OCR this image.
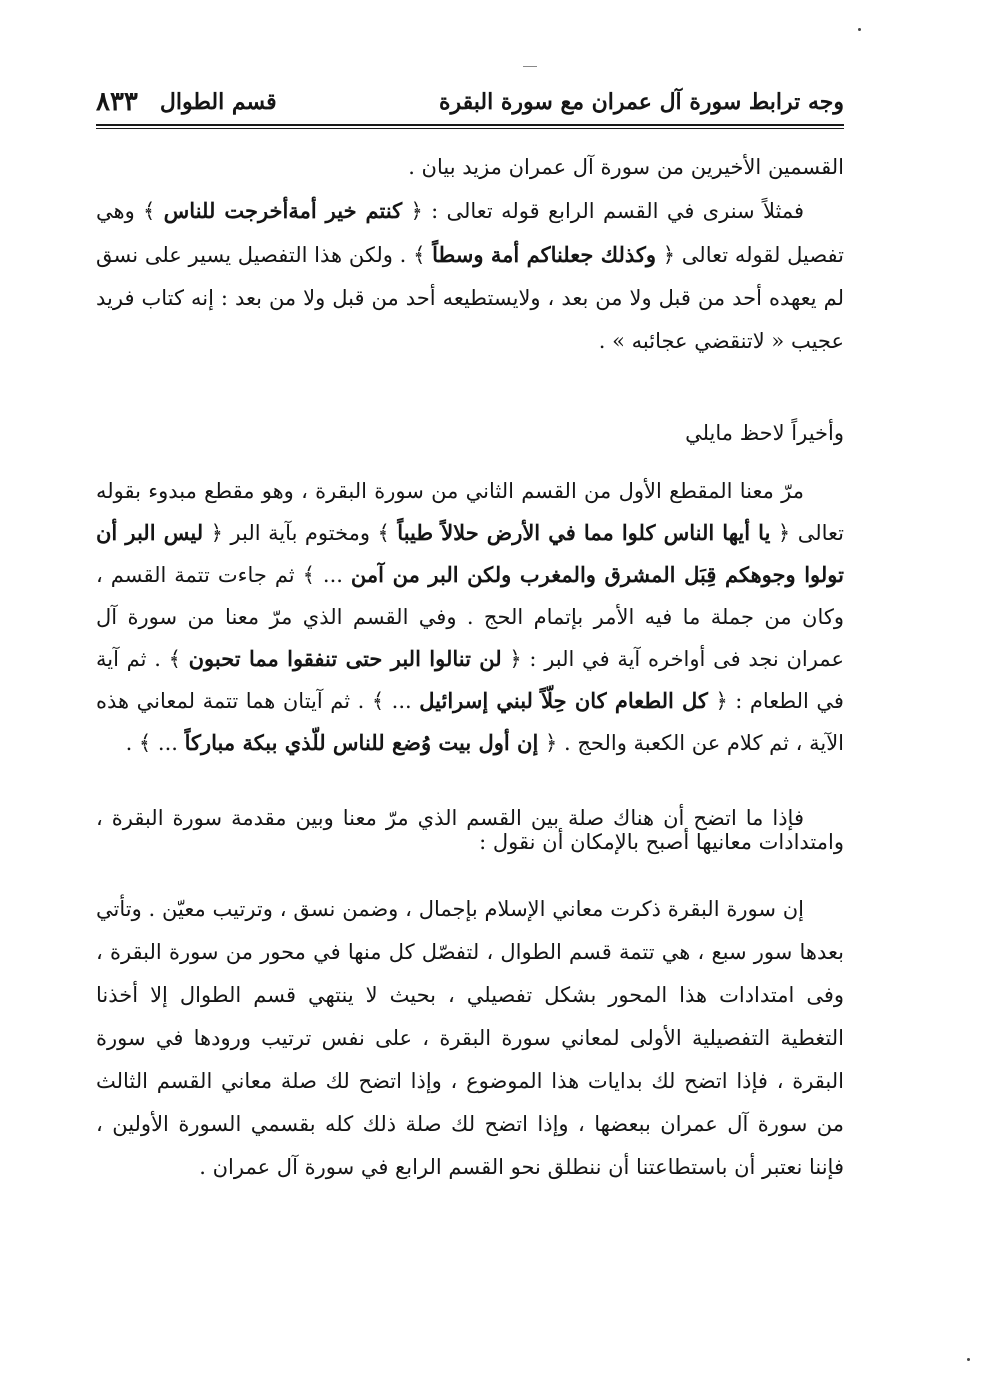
وجه ترابط سورة آل عمران مع سورة البقرة
قسم الطوال
٨٣٣

القسمين الأخيرين من سورة آل عمران مزيد بيان .

فمثلاً سنرى في القسم الرابع قوله تعالى : ﴿ كنتم خير أمةأخرجت للناس ﴾ وهي تفصيل لقوله تعالى ﴿ وكذلك جعلناكم أمة وسطاً ﴾ . ولكن هذا التفصيل يسير على نسق لم يعهده أحد من قبل ولا من بعد ، ولايستطيعه أحد من قبل ولا من بعد : إنه كتاب فريد عجيب « لاتنقضي عجائبه » .

وأخيراً لاحظ مايلي

مرّ معنا المقطع الأول من القسم الثاني من سورة البقرة ، وهو مقطع مبدوء بقوله تعالى ﴿ يا أيها الناس كلوا مما في الأرض حلالاً طيباً ﴾ ومختوم بآية البر ﴿ ليس البر أن تولوا وجوهكم قِبَل المشرق والمغرب ولكن البر من آمن ... ﴾ ثم جاءت تتمة القسم ، وكان من جملة ما فيه الأمر بإتمام الحج . وفي القسم الذي مرّ معنا من سورة آل عمران نجد فى أواخره آية في البر : ﴿ لن تنالوا البر حتى تنفقوا مما تحبون ﴾ . ثم آية في الطعام : ﴿ كل الطعام كان حِلّاً لبني إسرائيل ... ﴾ . ثم آيتان هما تتمة لمعاني هذه الآية ، ثم كلام عن الكعبة والحج . ﴿ إن أول بيت وُضع للناس للّذي ببكة مباركاً ... ﴾ .

فإذا ما اتضح أن هناك صلة بين القسم الذي مرّ معنا وبين مقدمة سورة البقرة ، وامتدادات معانيها أصبح بالإمكان أن نقول :

إن سورة البقرة ذكرت معاني الإسلام بإجمال ، وضمن نسق ، وترتيب معيّن . وتأتي بعدها سور سبع ، هي تتمة قسم الطوال ، لتفصّل كل منها في محور من سورة البقرة ، وفى امتدادات هذا المحور بشكل تفصيلي ، بحيث لا ينتهي قسم الطوال إلا أخذنا التغطية التفصيلية الأولى لمعاني سورة البقرة ، على نفس ترتيب ورودها في سورة البقرة ، فإذا اتضح لك بدايات هذا الموضوع ، وإذا اتضح لك صلة معاني القسم الثالث من سورة آل عمران ببعضها ، وإذا اتضح لك صلة ذلك كله بقسمي السورة الأولين ، فإننا نعتبر أن باستطاعتنا أن ننطلق نحو القسم الرابع في سورة آل عمران .
